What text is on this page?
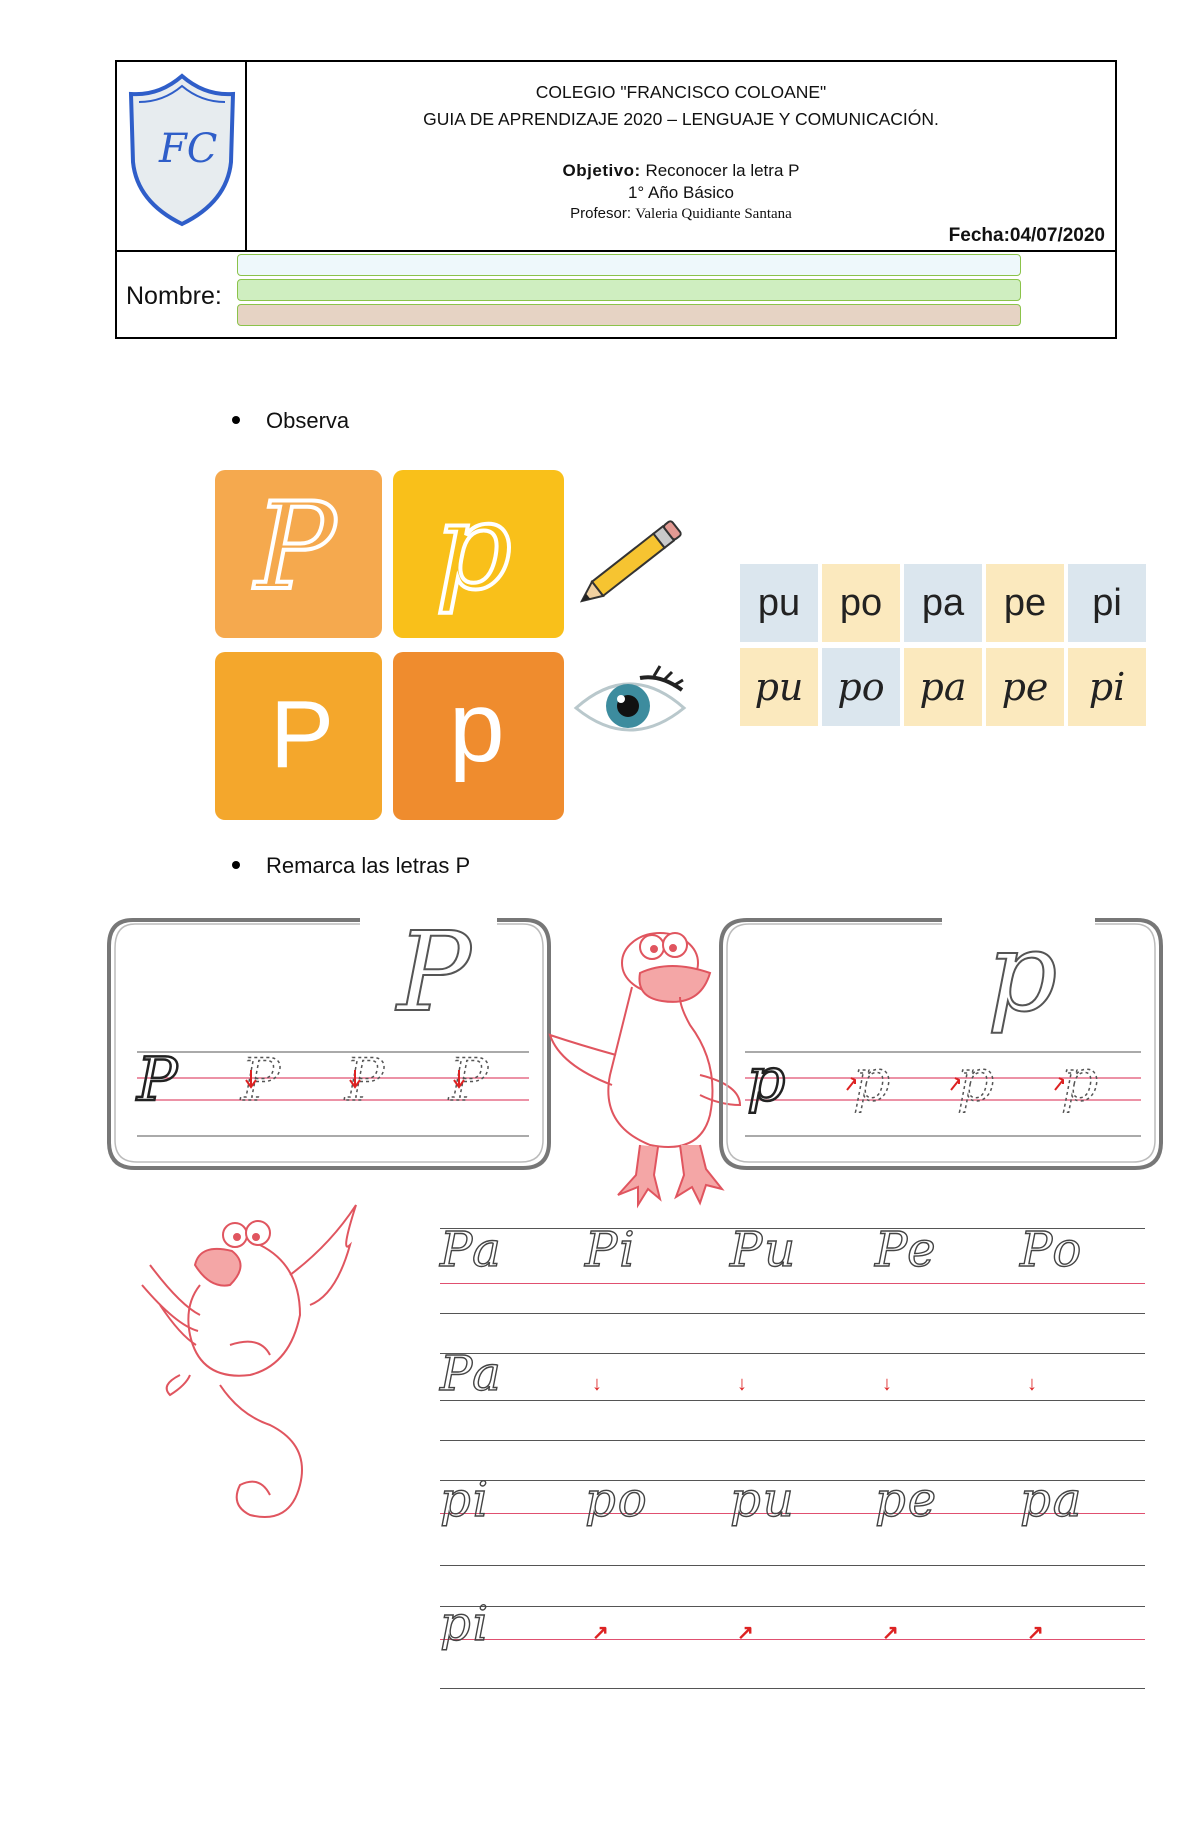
FC
COLEGIO "FRANCISCO COLOANE"
GUIA DE APRENDIZAJE 2020 – LENGUAJE Y COMUNICACIÓN.
Objetivo: Reconocer la letra P
1° Año Básico
Profesor: Valeria Quidiante Santana
Fecha:04/07/2020
Nombre:
Observa
P p
P p
pu	po	pa	pe	pi
pu po pa pe	pi
Remarca las letras P
P
P P P P
p
p p p p
Pa Pi Pu Pe Po
Pa	↓	↓	↓	↓
pi po pu pe pa
pi	↗	↗	↗	↗
